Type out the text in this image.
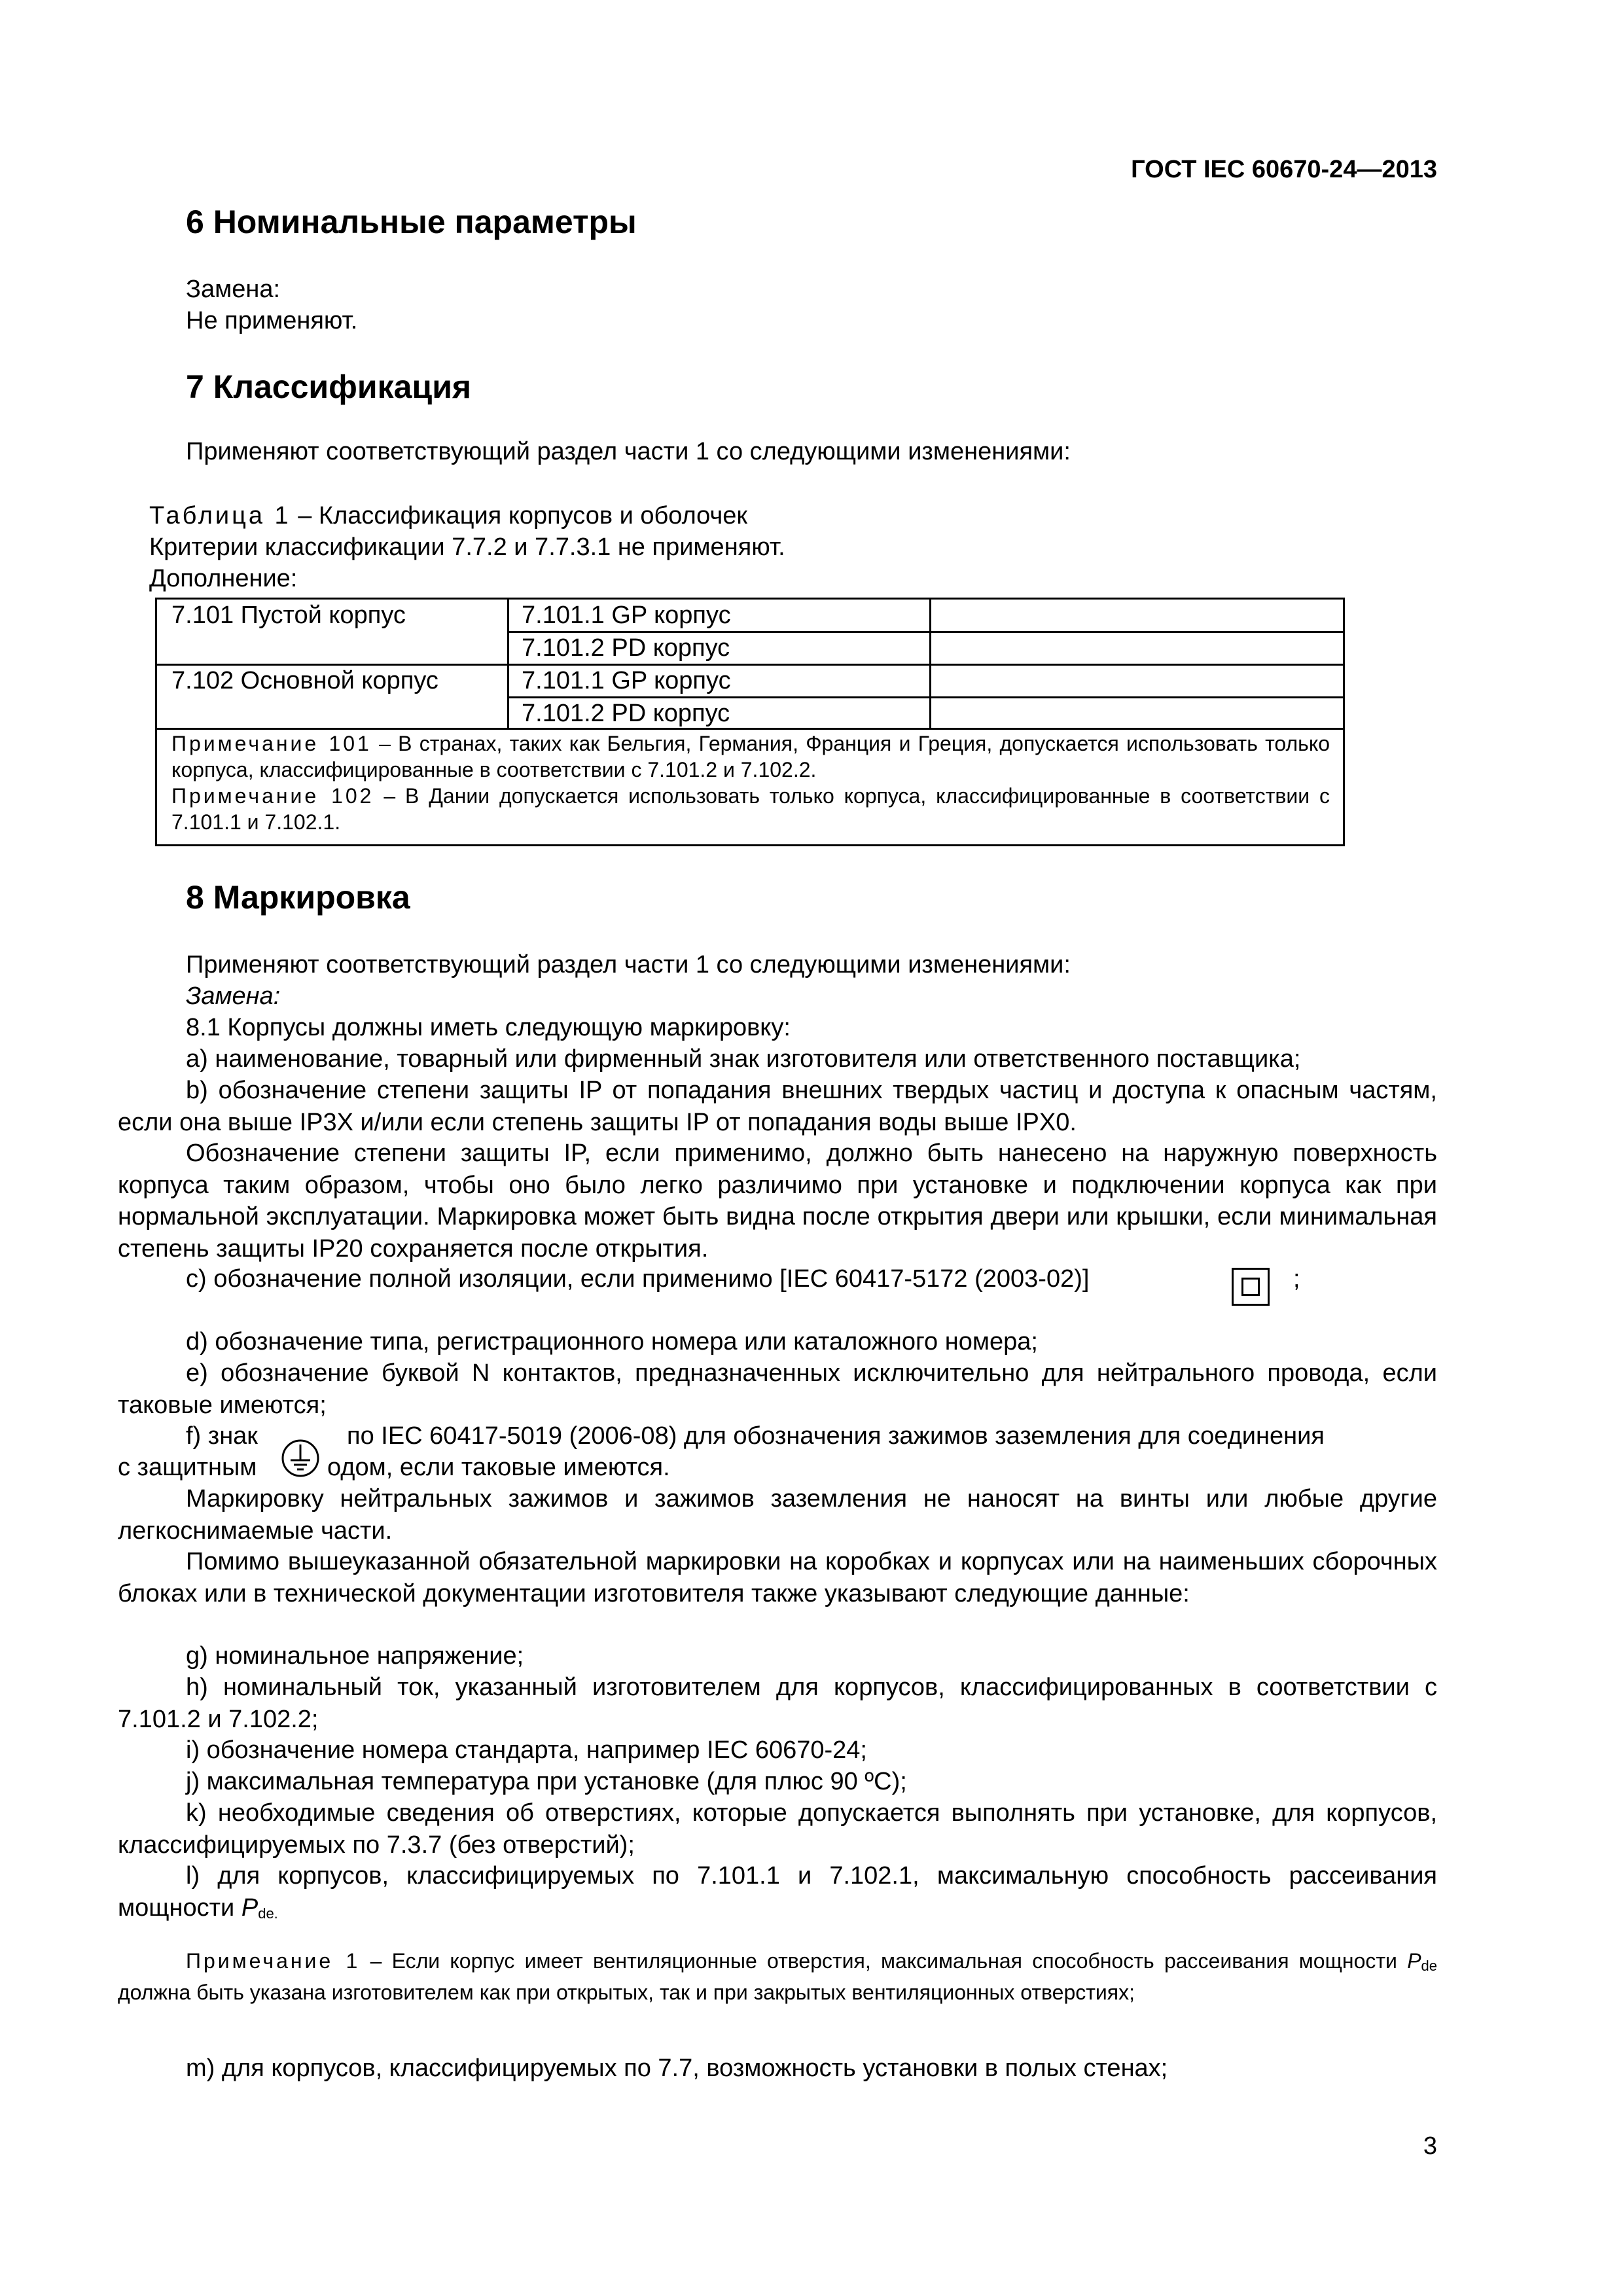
ГОСТ IEC 60670-24—2013
6 Номинальные параметры
Замена:
Не применяют.
7 Классификация
Применяют соответствующий раздел части 1 со следующими изменениями:
Таблица 1 – Классификация корпусов и оболочек
Критерии классификации 7.7.2 и 7.7.3.1 не применяют.
Дополнение:
7.101 Пустой корпус	7.101.1 GP корпус
7.101.2 PD корпус
7.102 Основной корпус	7.101.1 GP корпус
7.101.2 PD корпус
Примечание 101 – В странах, таких как Бельгия, Германия, Франция и Греция, допускается использовать только корпуса, классифицированные в соответствии с 7.101.2 и 7.102.2.
Примечание 102 – В Дании допускается использовать только корпуса, классифицированные в соответствии с 7.101.1 и 7.102.1.
8 Маркировка
Применяют соответствующий раздел части 1 со следующими изменениями:
Замена:
8.1 Корпусы должны иметь следующую маркировку:
а) наименование, товарный или фирменный знак изготовителя или ответственного поставщика;
b) обозначение степени защиты IP от попадания внешних твердых частиц и доступа к опасным частям, если она выше IP3X и/или если степень защиты IP от попадания воды выше IPX0.
Обозначение степени защиты IP, если применимо, должно быть нанесено на наружную поверхность корпуса таким образом, чтобы оно было легко различимо при установке и подключении корпуса как при нормальной эксплуатации. Маркировка может быть видна после открытия двери или крышки, если минимальная степень защиты IP20 сохраняется после открытия.
с) обозначение полной изоляции, если применимо [IEC 60417-5172 (2003-02)]	;
d) обозначение типа, регистрационного номера или каталожного номера;
е) обозначение буквой N контактов, предназначенных исключительно для нейтрального провода, если таковые имеются;
f) знак	по IEC 60417-5019 (2006-08) для обозначения зажимов заземления для соединения
с защитным	одом, если таковые имеются.
Маркировку нейтральных зажимов и зажимов заземления не наносят на винты или любые другие легкоснимаемые части.
Помимо вышеуказанной обязательной маркировки на коробках и корпусах или на наименьших сборочных блоках или в технической документации изготовителя также указывают следующие данные:
g) номинальное напряжение;
h) номинальный ток, указанный изготовителем для корпусов, классифицированных в соответствии с 7.101.2 и 7.102.2;
i) обозначение номера стандарта, например IEC 60670-24;
j) максимальная температура при установке (для плюс 90 ºС);
k) необходимые сведения об отверстиях, которые допускается выполнять при установке, для корпусов, классифицируемых по 7.3.7 (без отверстий);
l) для корпусов, классифицируемых по 7.101.1 и 7.102.1, максимальную способность рассеивания мощности $P_{de.}$
Примечание 1 – Если корпус имеет вентиляционные отверстия, максимальная способность рассеивания мощности $P_{de}$ должна быть указана изготовителем как при открытых, так и при закрытых вентиляционных отверстиях;
m) для корпусов, классифицируемых по 7.7, возможность установки в полых стенах;
3
